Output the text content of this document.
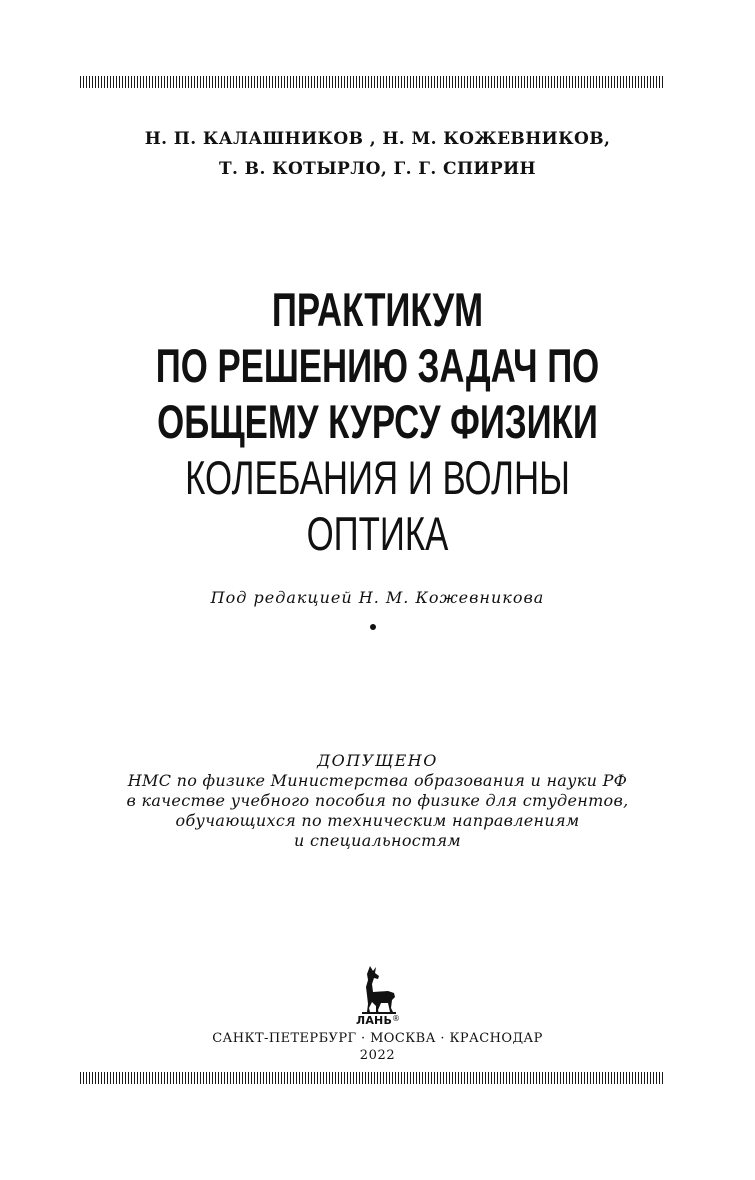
Н. П. КАЛАШНИКОВ , Н. М. КОЖЕВНИКОВ,
Т. В. КОТЫРЛО, Г. Г. СПИРИН
ПРАКТИКУМ
ПО РЕШЕНИЮ ЗАДАЧ ПО
ОБЩЕМУ КУРСУ ФИЗИКИ
КОЛЕБАНИЯ И ВОЛНЫ
ОПТИКА
Под редакцией Н. М. Кожевникова
ДОПУЩЕНО
НМС по физике Министерства образования и науки РФ
в качестве учебного пособия по физике для студентов,
обучающихся по техническим направлениям
и специальностям
ЛАНЬ®
САНКТ-ПЕТЕРБУРГ · МОСКВА · КРАСНОДАР
2022
